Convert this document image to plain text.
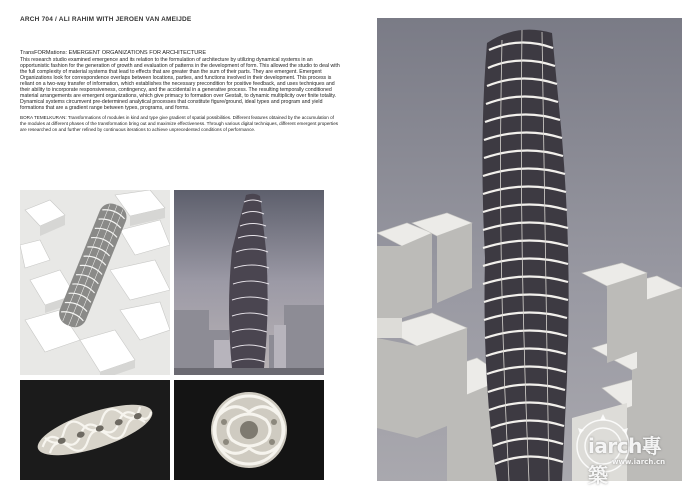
ARCH 704 / ALI RAHIM WITH JEROEN VAN AMEIJDE
TransFORMations: EMERGENT ORGANIZATIONS FOR ARCHITECTURE
This research studio examined emergence and its relation to the formulation of architecture by utilizing dynamical systems in an opportunistic fashion for the generation of growth and evaluation of patterns in the development of form. This allowed the studio to deal with the full complexity of material systems that lead to effects that are greater than the sum of their parts. They are emergent. Emergent Organizations look for correspondence overlaps between locations, parties, and functions involved in their development. This process is reliant on a two-way transfer of information, which establishes the necessary precondition for positive feedback, and uses techniques and their ability to incorporate responsiveness, contingency, and the accidental in a generative process. The resulting temporally conditioned material arrangements are emergent organizations, which give primacy to formation over Gestalt, to dynamic multiplicity over finite totality. Dynamical systems circumvent pre-determined analytical processes that constitute figure/ground, ideal types and program and yield formations that are a gradient range between types, programs, and forms.
BORA TEMELKURAN: Transformations of modules in kind and type give gradient of spatial possibilities. Different features obtained by the accumulation of the modules at different phases of the transformation bring out and maximize effectiveness. Through various digital techniques, different emergent properties are researched on and further refined by continuous iterations to achieve unprecedented conditions of performance.
iarch專築
www.iarch.cn
